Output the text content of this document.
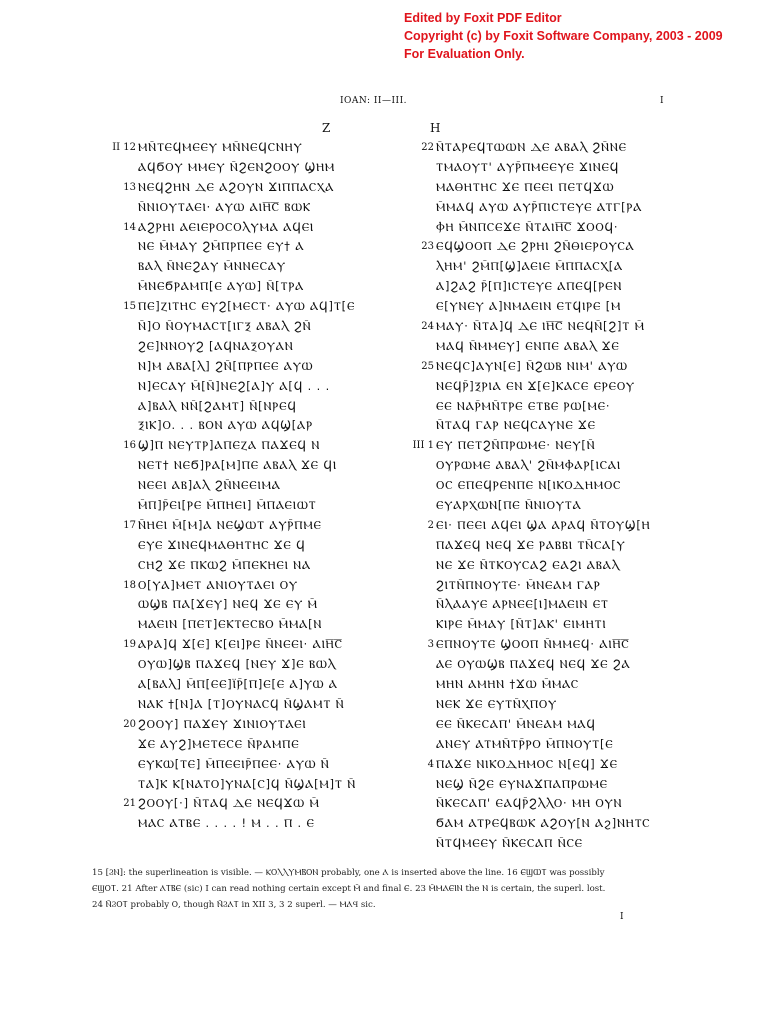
Edited by Foxit PDF Editor
Copyright (c) by Foxit Software Company, 2003 - 2009
For Evaluation Only.
IOAN: II—III.	I
Z	H
II 12 ⲘⲚ̄ⲦⲈϤⲘⲈⲈⲨ ⲘⲚ̄ⲚⲈϤⲤⲚⲎⲨ
ⲀϤϬⲞⲨ ⲘⲘⲈⲨ Ⲛ̄ϨⲈⲚϨⲞⲞⲨ ϢⲎⲘ
13 ⲚⲈϤϨⲎⲚ ⲆⲈ ⲀϨⲞⲨⲚ ϪⲒⲠⲠⲀⲤⲬⲀ
Ⲛ̄ⲚⲒⲞⲨⲦⲀⲈⲒ· ⲀⲨⲰ ⲀⲒⲎ̅Ⲥ̅ ⲂⲰⲔ
14 ⲀϨⲢⲎⲒ ⲀⲈⲒⲈⲢⲞⲤⲞⲖⲨⲘⲀ ⲀϤⲈⲒ
ⲚⲈ Ⲙ̄ⲘⲀⲨ ϨⲘ̄ⲠⲢⲠⲈⲈ ⲈⲨ† Ⲁ
ⲂⲀⲖ Ⲛ̄ⲚⲈϨⲀⲨ Ⲙ̄ⲚⲚⲈⲤⲀⲨ
Ⲙ̄ⲚⲈϬⲢⲀⲘⲠ[Ⲉ ⲀⲨⲰ] Ⲛ̄[ⲦⲢⲀ
15 ⲠⲈ]ⲌⲒⲦⲎⲤ ⲈⲨϨ[ⲘⲈⲤⲦ· ⲀⲨⲰ ⲀϤ]Ⲧ[Ⲉ
Ⲛ̄]Ⲟ Ⲛ̄ⲞⲨⲘⲀⲤⲦ[ⲒⲄⲜ ⲀⲂⲀⲖ ϨⲚ̄
ϨⲈ]ⲚⲚⲞⲨϨ [ⲀϤⲚⲀⲜⲞⲨⲀⲚ
Ⲛ]Ⲙ ⲀⲂⲀ[Ⲗ] ϨⲚ̄[ⲠⲢⲠⲈⲈ ⲀⲨⲰ
Ⲛ]ⲈⲤⲀⲨ Ⲙ̄[Ⲛ̄]ⲚⲈϨ[Ⲁ]Ⲩ Ⲁ[Ϥ . . .
Ⲁ]ⲂⲀⲖ ⲚⲚ̄[ϨⲀⲘⲦ] Ⲛ̄[ⲚⲢⲈϤ
ⲜⲒⲔ]Ⲟ. . . ⲂⲞⲚ ⲀⲨⲰ ⲀϤϢ[ⲀⲢ
16 Ϣ]Ⲡ ⲚⲈⲨⲦⲢ]ⲀⲠⲈⲌⲀ ⲠⲀϪⲈϤ Ⲛ
ⲚⲈⲦ† ⲚⲈϬ]ⲢⲀ[Ⲙ]ⲠⲈ ⲀⲂⲀⲖ ϪⲈ ϤⲒ
ⲚⲈⲈⲒ ⲀⲂ]ⲀⲖ ϨⲚ̄ⲚⲈⲈⲒⲘⲀ
Ⲙ̄Ⲡ]Ⲣ̄ⲈⲒ[ⲢⲈ Ⲙ̄ⲠⲎⲈⲒ] Ⲙ̄ⲠⲀⲈⲒⲰⲦ
17 Ⲛ̄ⲎⲈⲒ Ⲙ̄[Ⲙ]Ⲁ ⲚⲈϢⲰⲦ ⲀⲨⲢ̄ⲠⲘⲈ
ⲈⲨⲈ ϪⲒⲚⲈϤⲘⲀⲐⲎⲦⲎⲤ ϪⲈ Ϥ
ⲤⲎϨ ϪⲈ ⲠⲔⲰϨ Ⲙ̄ⲠⲈⲔⲎⲈⲒ ⲚⲀ
18 Ⲟ[ⲨⲀ]ⲘⲈⲦ ⲀⲚⲒⲞⲨⲦⲀⲈⲒ ⲞⲨ
ⲰϢⲂ ⲠⲀ[ϪⲈⲨ] ⲚⲈϤ ϪⲈ ⲈⲨ Ⲙ̄
ⲘⲀⲈⲒⲚ [ⲠⲈⲦ]ⲈⲔⲦⲈⲤⲂⲞ Ⲙ̄ⲘⲀ[Ⲛ
19 ⲀⲢⲀ]Ϥ Ϫ[Ⲉ] Ⲕ[ⲈⲒ]ⲢⲈ Ⲛ̄ⲚⲈⲈⲒ· ⲀⲒⲎ̅Ⲥ̅
ⲞⲨⲰ]ϢⲂ ⲠⲀϪⲈϤ [ⲚⲈⲨ Ϫ]Ⲉ ⲂⲰⲖ
Ⲁ[ⲂⲀⲖ] Ⲙ̄Ⲡ[ⲈⲈ]Ⲓ̈Ⲣ̄[Ⲡ]Ⲉ[Ⲉ Ⲁ]ⲨⲰ Ⲁ
ⲚⲀⲔ †[Ⲛ]Ⲁ [Ⲧ]ⲞⲨⲚⲀⲤϤ Ⲛ̄ϢⲀⲘⲦ Ⲛ̄
20 ϨⲞⲞⲨ] ⲠⲀϪⲈⲨ ϪⲒⲚⲒⲞⲨⲦⲀⲈⲒ
ϪⲈ ⲀⲨϨ]ⲘⲈⲦⲈⲤⲈ Ⲛ̄ⲢⲀⲘⲠⲈ
ⲈⲨⲔⲰ[ⲦⲈ] Ⲙ̄ⲠⲈⲈⲒⲢ̄ⲠⲈⲈ· ⲀⲨⲰ Ⲛ̄
ⲦⲀ]Ⲕ Ⲕ[ⲚⲀⲦⲞ]ⲨⲚⲀ[Ⲥ]Ϥ Ⲛ̄ϢⲀ[Ⲙ]Ⲧ Ⲛ̄
21 ϨⲞⲞⲨ[·] Ⲛ̄ⲦⲀϤ ⲆⲈ ⲚⲈϤϪⲰ Ⲙ̄
ⲘⲀⲤ ⲀⲦⲂⲈ . . . . ! Ⲙ . . Ⲡ . Ⲉ
22 Ⲛ̄ⲦⲀⲢⲈϤⲦⲰⲰⲚ ⲆⲈ ⲀⲂⲀⲖ ϨⲚ̄ⲚⲈ
ⲦⲘⲀⲞⲨⲦ' ⲀⲨⲢ̄ⲠⲘⲈⲈⲨⲈ ϪⲒⲚⲈϤ
ⲘⲀⲐⲎⲦⲎⲤ ϪⲈ ⲠⲈⲈⲒ ⲠⲈⲦϤϪⲰ
Ⲙ̄ⲘⲀϤ ⲀⲨⲰ ⲀⲨⲢ̄ⲠⲒⲤⲦⲈⲨⲈ ⲀⲦⲄ[ⲢⲀ
ⲪⲎ Ⲙ̄ⲚⲠⲤⲈϪⲈ Ⲛ̄ⲦⲀⲒⲎ̅Ⲥ̅ ϪⲞⲞϤ·
23 ⲈϤϢⲞⲞⲠ ⲆⲈ ϨⲢⲎⲒ ϨⲚ̄ⲐⲒⲈⲢⲞⲨⲤⲀ
ⲖⲎⲘ' ϨⲘ̄Ⲡ[Ϣ]ⲀⲈⲒⲈ Ⲙ̄ⲠⲠⲀⲤⲬ[Ⲁ
Ⲁ]ϨⲀϨ Ⲣ̄[Ⲡ]ⲒⲤⲦⲈⲨⲈ ⲀⲠⲈϤ[ⲢⲈⲚ
Ⲉ[ⲨⲚⲈⲨ Ⲁ]ⲚⲘⲀⲈⲒⲚ ⲈⲦϤⲒⲢⲈ [Ⲙ
24 ⲘⲀⲨ· Ⲛ̄ⲦⲀ]Ϥ ⲆⲈ ⲒⲎ̅Ⲥ̅ ⲚⲈϤⲚ̄[Ϩ]Ⲧ Ⲙ̄
ⲘⲀϤ Ⲛ̄ⲘⲘⲈⲨ] ⲈⲚⲠⲈ ⲀⲂⲀⲖ ϪⲈ
25 ⲚⲈϤⲤ]ⲀⲨⲚ[Ⲉ] Ⲛ̄ϨⲰⲂ ⲚⲒⲘ' ⲀⲨⲰ
ⲚⲈϤⲢ̄]ⲜⲢⲒⲀ ⲈⲚ Ϫ[Ⲉ]ⲔⲀⲤⲈ ⲈⲢⲈⲞⲨ
ⲈⲈ ⲚⲀⲢ̄ⲘⲚ̄ⲦⲢⲈ ⲈⲦⲂⲈ ⲢⲰ[ⲘⲈ·
Ⲛ̄ⲦⲀϤ ⲄⲀⲢ ⲚⲈϤⲤⲀⲨⲚⲈ ϪⲈ
III 1 ⲈⲨ ⲠⲈⲦϨⲚ̄ⲠⲢⲰⲘⲈ· ⲚⲈⲨ[Ⲛ̄
ⲞⲨⲢⲰⲘⲈ ⲀⲂⲀⲖ' ϨⲚ̄ⲘⲪⲀⲢ[ⲒⲤⲀⲒ
ⲞⲤ ⲈⲠⲈϤⲢⲈⲚⲠⲈ Ⲛ[ⲒⲔⲞⲆⲎⲘⲞⲤ
ⲈⲨⲀⲢⲬⲰⲚ[ⲠⲈ Ⲛ̄ⲚⲒⲞⲨⲦⲀ
2 ⲈⲒ· ⲠⲈⲈⲒ ⲀϤⲈⲒ ϢⲀ ⲀⲢⲀϤ Ⲛ̄ⲦⲞⲨϢ[Ⲏ
ⲠⲀϪⲈϤ ⲚⲈϤ ϪⲈ ⲢⲀⲂⲂⲒ ⲦⲚ̄ⲤⲀ[Ⲩ
ⲚⲈ ϪⲈ Ⲛ̄ⲦⲔⲞⲨⲤⲀϨ ⲈⲀϨⲒ ⲀⲂⲀⲖ
ϨⲒⲦⲚ̄ⲠⲚⲞⲨⲦⲈ· Ⲙ̄ⲚⲈⲀⲘ ⲄⲀⲢ
Ⲛ̄ⲖⲀⲀⲨⲈ ⲀⲢⲚⲈⲈ[Ⲓ]ⲘⲀⲈⲒⲚ ⲈⲦ
ⲔⲒⲢⲈ Ⲙ̄ⲘⲀⲨ [Ⲛ̄Ⲧ]ⲀⲔ' ⲈⲒⲘⲎⲦⲒ
3 ⲈⲠⲚⲞⲨⲦⲈ ϢⲞⲞⲠ Ⲛ̄ⲘⲘⲈϤ· ⲀⲒⲎ̅Ⲥ̅
ⲀⲈ ⲞⲨⲰϢⲂ ⲠⲀϪⲈϤ ⲚⲈϤ ϪⲈ ϨⲀ
ⲘⲎⲚ ⲀⲘⲎⲚ †ϪⲰ Ⲙ̄ⲘⲀⲤ
ⲚⲈⲔ ϪⲈ ⲈⲨⲦⲚ̄ⲬⲠⲞⲨ
ⲈⲈ Ⲛ̄ⲔⲈⲤⲀⲠ' Ⲙ̄ⲚⲈⲀⲘ ⲘⲀϤ
ⲀⲚⲈⲨ ⲀⲦⲘⲚ̄ⲦⲢ̄ⲢⲞ Ⲙ̄ⲠⲚⲞⲨⲦ[Ⲉ
4 ⲠⲀϪⲈ ⲚⲒⲔⲞⲆⲎⲘⲞⲤ Ⲛ[ⲈϤ] ϪⲈ
ⲚⲈϢ Ⲛ̄ϨⲈ ⲈⲨⲚⲀϪⲠⲀⲠⲢⲰⲘⲈ
Ⲛ̄ⲔⲈⲤⲀⲠ' ⲈⲀϤⲢ̄ϨⲖⲖⲞ· ⲘⲎ ⲞⲨⲚ
ϬⲀⲘ ⲀⲦⲢⲈϤⲂⲰⲔ ⲀϨⲞⲨ[Ⲛ Ⲁϩ]ⲚⲎⲦⲤ
Ⲛ̄ⲦϤⲘⲈⲈⲨ Ⲛ̄ⲔⲈⲤⲀⲠ Ⲛ̄ⲤⲈ
15 [ϨⲚ]: the superlineation is visible. — ⲔⲞⲖⲖⲨⲘⲂⲞⲚ probably, one Ⲁ is inserted above the line. 16 ⲈϢⲰⲦ was possibly
ⲈϢⲞⲦ. 21 After ⲀⲦⲂⲈ (sic) I can read nothing certain except Ⲙ̄ and final Ⲉ. 23 Ⲙ̄ⲘⲀⲈⲒⲚ the Ⲛ is certain, the superl. lost.
24 Ⲛ̄ϨⲞⲦ probably Ⲟ, though Ⲛ̄ϨⲀⲦ in XII 3, 3 2 superl. — ⲘⲀϤ sic.
I
